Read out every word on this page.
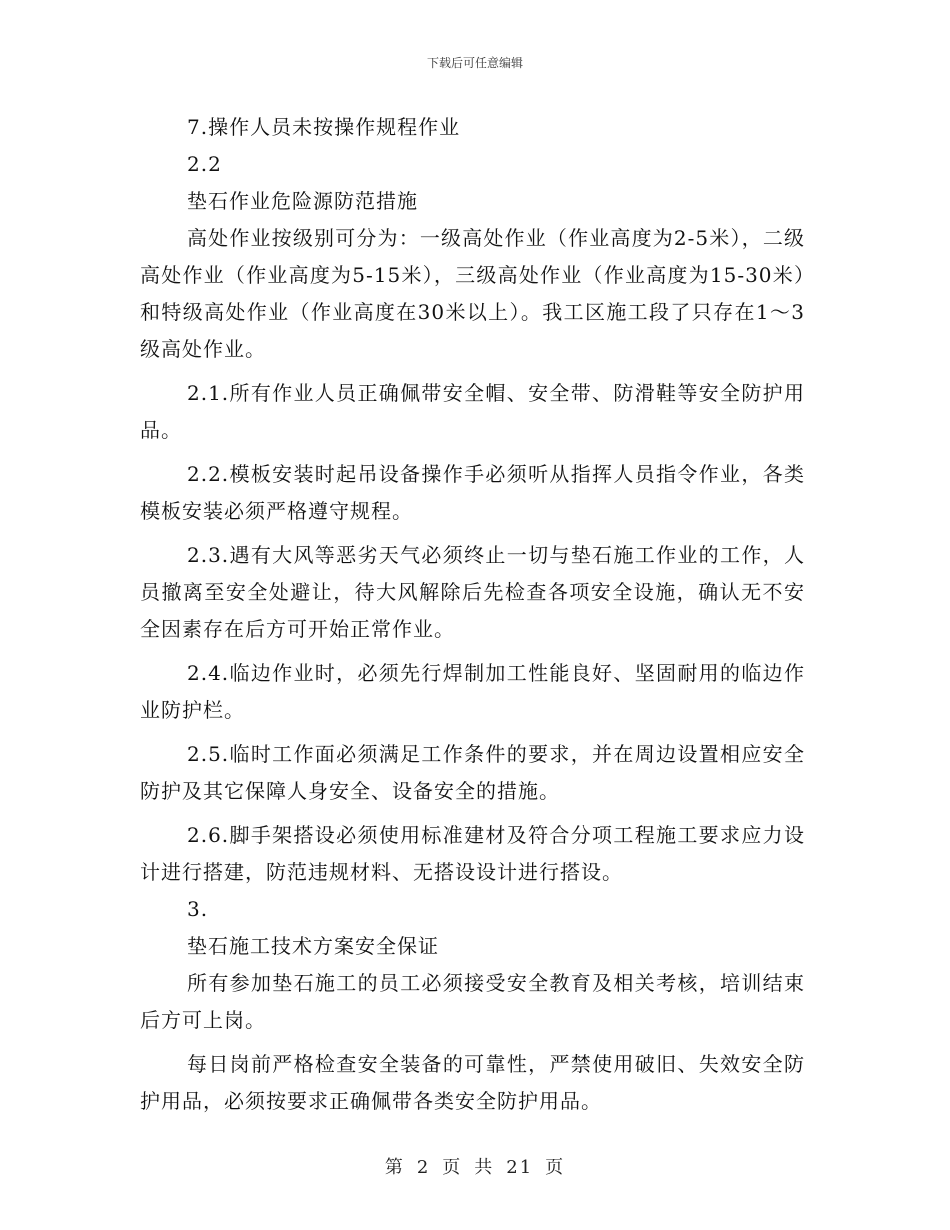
下载后可任意编辑

7.操作人员未按操作规程作业

2.2

垫石作业危险源防范措施

高处作业按级别可分为：一级高处作业（作业高度为2-5米），二级高处作业（作业高度为5-15米），三级高处作业（作业高度为15-30米）和特级高处作业（作业高度在30米以上）。我工区施工段了只存在1～3级高处作业。

2.1.所有作业人员正确佩带安全帽、安全带、防滑鞋等安全防护用品。

2.2.模板安装时起吊设备操作手必须听从指挥人员指令作业，各类模板安装必须严格遵守规程。

2.3.遇有大风等恶劣天气必须终止一切与垫石施工作业的工作，人员撤离至安全处避让，待大风解除后先检查各项安全设施，确认无不安全因素存在后方可开始正常作业。

2.4.临边作业时，必须先行焊制加工性能良好、坚固耐用的临边作业防护栏。

2.5.临时工作面必须满足工作条件的要求，并在周边设置相应安全防护及其它保障人身安全、设备安全的措施。

2.6.脚手架搭设必须使用标准建材及符合分项工程施工要求应力设计进行搭建，防范违规材料、无搭设设计进行搭设。

3.

垫石施工技术方案安全保证

所有参加垫石施工的员工必须接受安全教育及相关考核，培训结束后方可上岗。

每日岗前严格检查安全装备的可靠性，严禁使用破旧、失效安全防护用品，必须按要求正确佩带各类安全防护用品。

第 2 页 共 21 页
